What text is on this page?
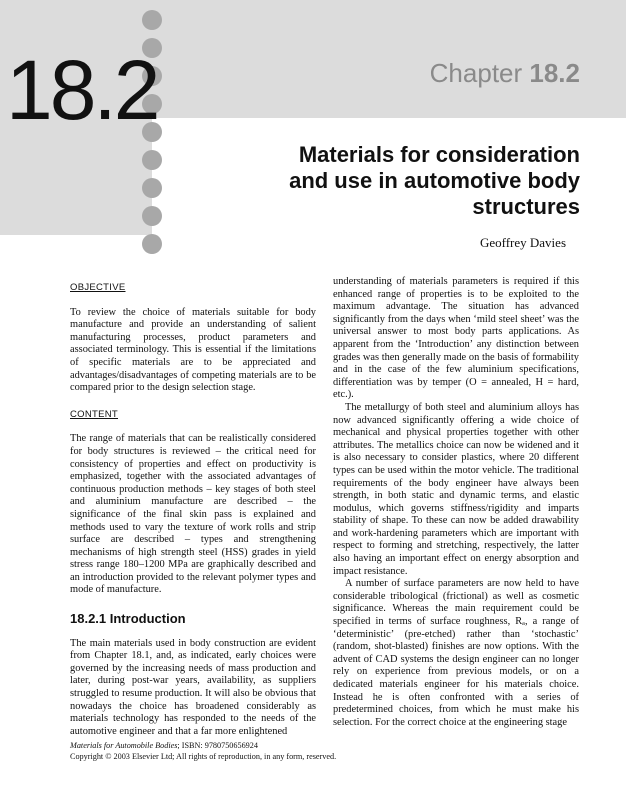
18.2	Chapter 18.2
Materials for consideration
and use in automotive body
structures
Geoffrey Davies
OBJECTIVE

To review the choice of materials suitable for body manufacture and provide an understanding of salient manufacturing processes, product parameters and associated terminology. This is essential if the limitations of specific materials are to be appreciated and advantages/disadvantages of competing materials are to be compared prior to the design selection stage.

CONTENT

The range of materials that can be realistically considered for body structures is reviewed – the critical need for consistency of properties and effect on productivity is emphasized, together with the associated advantages of continuous production methods – key stages of both steel and aluminium manufacture are described – the significance of the final skin pass is explained and methods used to vary the texture of work rolls and strip surface are described – types and strengthening mechanisms of high strength steel (HSS) grades in yield stress range 180–1200 MPa are graphically described and an introduction provided to the relevant polymer types and mode of manufacture.

18.2.1 Introduction

The main materials used in body construction are evident from Chapter 18.1, and, as indicated, early choices were governed by the increasing needs of mass production and later, during post-war years, availability, as suppliers struggled to resume production. It will also be obvious that nowadays the choice has broadened considerably as materials technology has responded to the needs of the automotive engineer and that a far more enlightened

understanding of materials parameters is required if this enhanced range of properties is to be exploited to the maximum advantage. The situation has advanced significantly from the days when ‘mild steel sheet’ was the universal answer to most body parts applications. As apparent from the ‘Introduction’ any distinction between grades was then generally made on the basis of formability and in the case of the few aluminium specifications, differentiation was by temper (O = annealed, H = hard, etc.).

The metallurgy of both steel and aluminium alloys has now advanced significantly offering a wide choice of mechanical and physical properties together with other attributes. The metallics choice can now be widened and it is also necessary to consider plastics, where 20 different types can be used within the motor vehicle. The traditional requirements of the body engineer have always been strength, in both static and dynamic terms, and elastic modulus, which governs stiffness/rigidity and imparts stability of shape. To these can now be added drawability and work-hardening parameters which are important with respect to forming and stretching, respectively, the latter also having an important effect on energy absorption and impact resistance.

A number of surface parameters are now held to have considerable tribological (frictional) as well as cosmetic significance. Whereas the main requirement could be specified in terms of surface roughness, Rₐ, a range of ‘deterministic’ (pre-etched) rather than ‘stochastic’ (random, shot-blasted) finishes are now options. With the advent of CAD systems the design engineer can no longer rely on experience from previous models, or on a dedicated materials engineer for his materials choice. Instead he is often confronted with a series of predetermined choices, from which he must make his selection. For the correct choice at the engineering stage

Materials for Automobile Bodies; ISBN: 9780750656924
Copyright © 2003 Elsevier Ltd; All rights of reproduction, in any form, reserved.
